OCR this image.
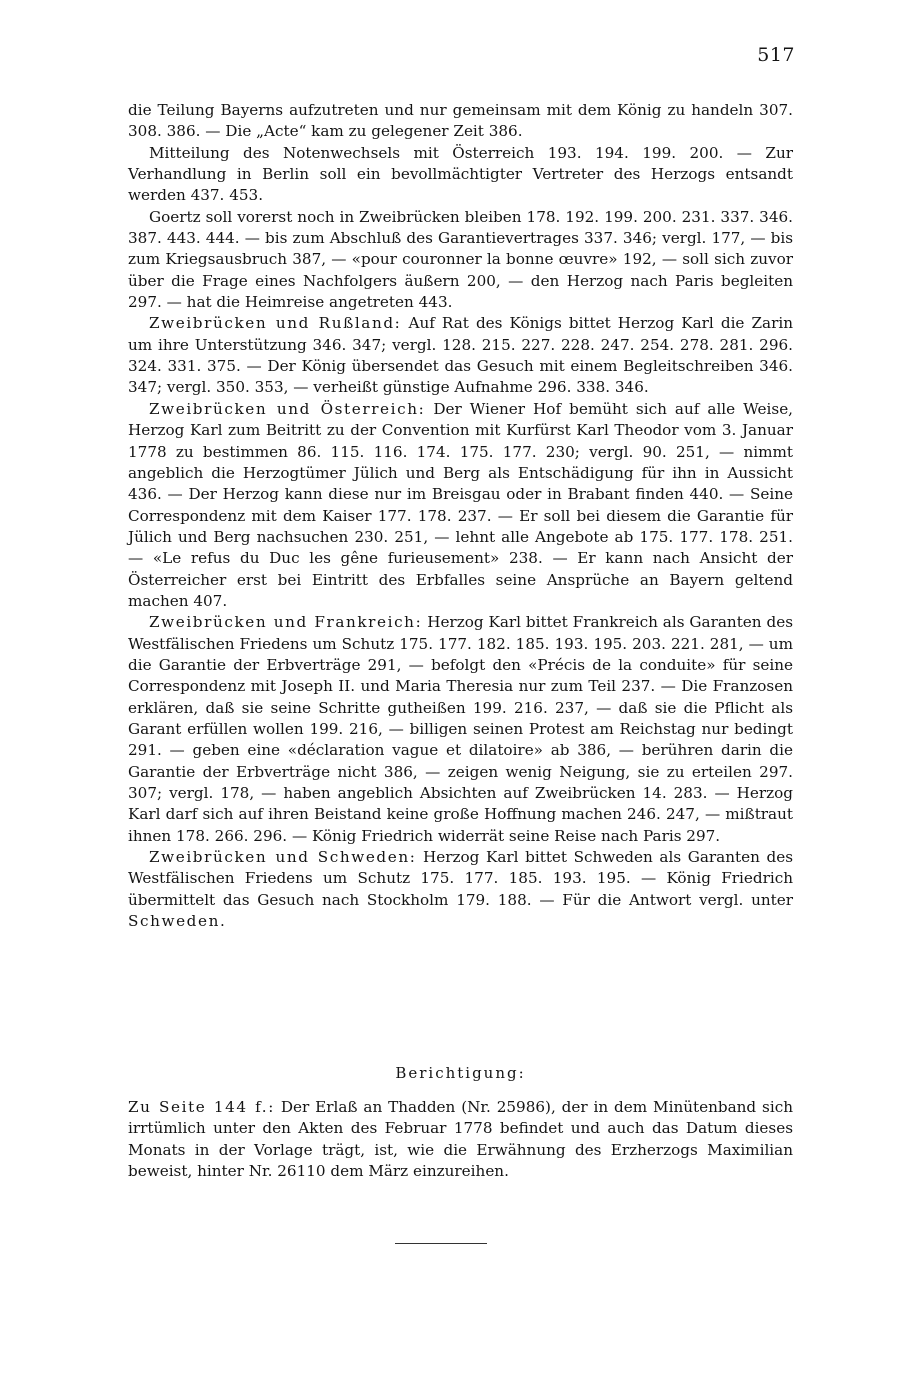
517

die Teilung Bayerns aufzutreten und nur gemeinsam mit dem König zu handeln 307. 308. 386. — Die „Acte“ kam zu gelegener Zeit 386.

Mitteilung des Notenwechsels mit Österreich 193. 194. 199. 200. — Zur Verhandlung in Berlin soll ein bevollmächtigter Vertreter des Herzogs entsandt werden 437. 453.

Goertz soll vorerst noch in Zweibrücken bleiben 178. 192. 199. 200. 231. 337. 346. 387. 443. 444. — bis zum Abschluß des Garantievertrages 337. 346; vergl. 177, — bis zum Kriegsausbruch 387, — «pour couronner la bonne œuvre» 192, — soll sich zuvor über die Frage eines Nachfolgers äußern 200, — den Herzog nach Paris begleiten 297. — hat die Heimreise angetreten 443.

Zweibrücken und Rußland: Auf Rat des Königs bittet Herzog Karl die Zarin um ihre Unterstützung 346. 347; vergl. 128. 215. 227. 228. 247. 254. 278. 281. 296. 324. 331. 375. — Der König übersendet das Gesuch mit einem Begleitschreiben 346. 347; vergl. 350. 353, — verheißt günstige Aufnahme 296. 338. 346.

Zweibrücken und Österreich: Der Wiener Hof bemüht sich auf alle Weise, Herzog Karl zum Beitritt zu der Convention mit Kurfürst Karl Theodor vom 3. Januar 1778 zu bestimmen 86. 115. 116. 174. 175. 177. 230; vergl. 90. 251, — nimmt angeblich die Herzogtümer Jülich und Berg als Entschädigung für ihn in Aussicht 436. — Der Herzog kann diese nur im Breisgau oder in Brabant finden 440. — Seine Correspondenz mit dem Kaiser 177. 178. 237. — Er soll bei diesem die Garantie für Jülich und Berg nachsuchen 230. 251, — lehnt alle Angebote ab 175. 177. 178. 251. — «Le refus du Duc les gêne furieusement» 238. — Er kann nach Ansicht der Österreicher erst bei Eintritt des Erbfalles seine Ansprüche an Bayern geltend machen 407.

Zweibrücken und Frankreich: Herzog Karl bittet Frankreich als Garanten des Westfälischen Friedens um Schutz 175. 177. 182. 185. 193. 195. 203. 221. 281, — um die Garantie der Erbverträge 291, — befolgt den «Précis de la conduite» für seine Correspondenz mit Joseph II. und Maria Theresia nur zum Teil 237. — Die Franzosen erklären, daß sie seine Schritte gutheißen 199. 216. 237, — daß sie die Pflicht als Garant erfüllen wollen 199. 216, — billigen seinen Protest am Reichstag nur bedingt 291. — geben eine «déclaration vague et dilatoire» ab 386, — berühren darin die Garantie der Erbverträge nicht 386, — zeigen wenig Neigung, sie zu erteilen 297. 307; vergl. 178, — haben angeblich Absichten auf Zweibrücken 14. 283. — Herzog Karl darf sich auf ihren Beistand keine große Hoffnung machen 246. 247, — mißtraut ihnen 178. 266. 296. — König Friedrich widerrät seine Reise nach Paris 297.

Zweibrücken und Schweden: Herzog Karl bittet Schweden als Garanten des Westfälischen Friedens um Schutz 175. 177. 185. 193. 195. — König Friedrich übermittelt das Gesuch nach Stockholm 179. 188. — Für die Antwort vergl. unter Schweden.

Berichtigung:

Zu Seite 144 f.: Der Erlaß an Thadden (Nr. 25986), der in dem Minütenband sich irrtümlich unter den Akten des Februar 1778 befindet und auch das Datum dieses Monats in der Vorlage trägt, ist, wie die Erwähnung des Erzherzogs Maximilian beweist, hinter Nr. 26110 dem März einzureihen.
